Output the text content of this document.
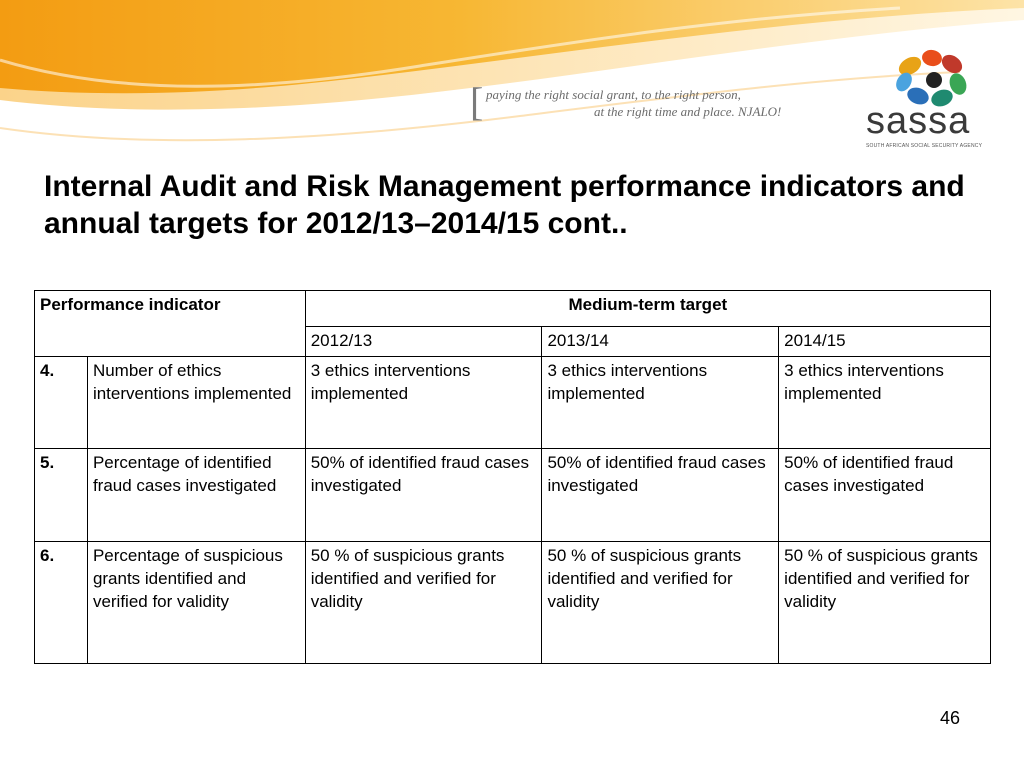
[ paying the right social grant, to the right person,
at the right time and place. NJALO! sassa
SOUTH AFRICAN SOCIAL SECURITY AGENCY
Internal Audit and Risk Management performance indicators and annual targets for 2012/13–2014/15 cont..
Performance indicator		Medium-term target		
		2012/13	2013/14	2014/15
4.	Number of ethics interventions implemented	3 ethics interventions implemented	3 ethics interventions implemented	3 ethics interventions implemented
5.	Percentage of identified fraud cases investigated	50% of identified fraud cases investigated	50% of identified fraud cases investigated	50% of identified fraud cases investigated
6.	Percentage of suspicious grants identified and verified for validity	50 % of suspicious grants identified and verified for validity	50 % of suspicious grants identified and verified for validity	50 % of suspicious grants identified and verified for validity
46
